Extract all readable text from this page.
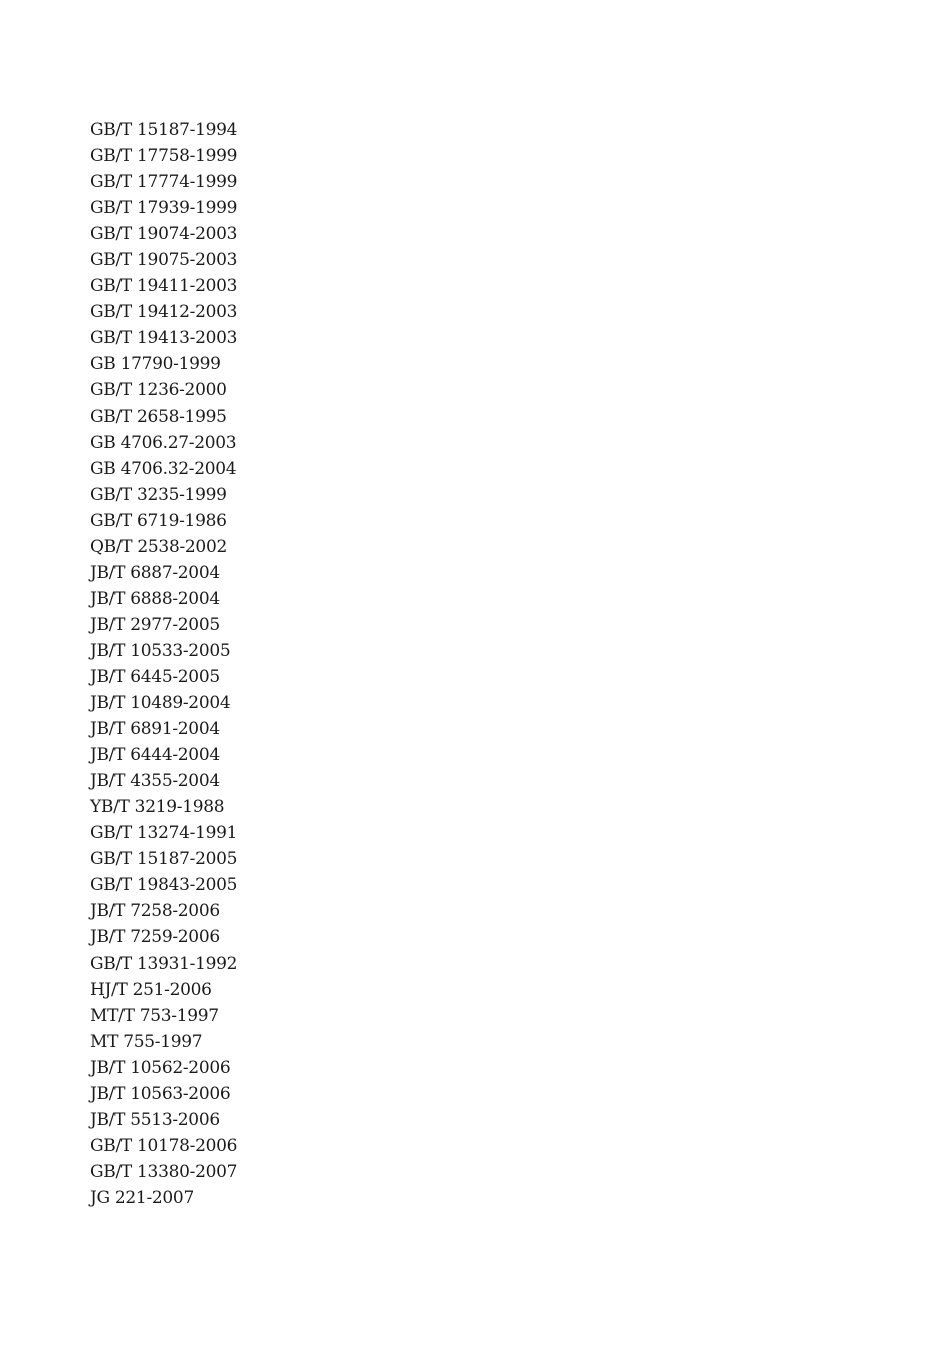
GB/T 15187-1994
GB/T 17758-1999
GB/T 17774-1999
GB/T 17939-1999
GB/T 19074-2003
GB/T 19075-2003
GB/T 19411-2003
GB/T 19412-2003
GB/T 19413-2003
GB 17790-1999
GB/T 1236-2000
GB/T 2658-1995
GB 4706.27-2003
GB 4706.32-2004
GB/T 3235-1999
GB/T 6719-1986
QB/T 2538-2002
JB/T 6887-2004
JB/T 6888-2004
JB/T 2977-2005
JB/T 10533-2005
JB/T 6445-2005
JB/T 10489-2004
JB/T 6891-2004
JB/T 6444-2004
JB/T 4355-2004
YB/T 3219-1988
GB/T 13274-1991
GB/T 15187-2005
GB/T 19843-2005
JB/T 7258-2006
JB/T 7259-2006
GB/T 13931-1992
HJ/T 251-2006
MT/T 753-1997
MT 755-1997
JB/T 10562-2006
JB/T 10563-2006
JB/T 5513-2006
GB/T 10178-2006
GB/T 13380-2007
JG 221-2007
